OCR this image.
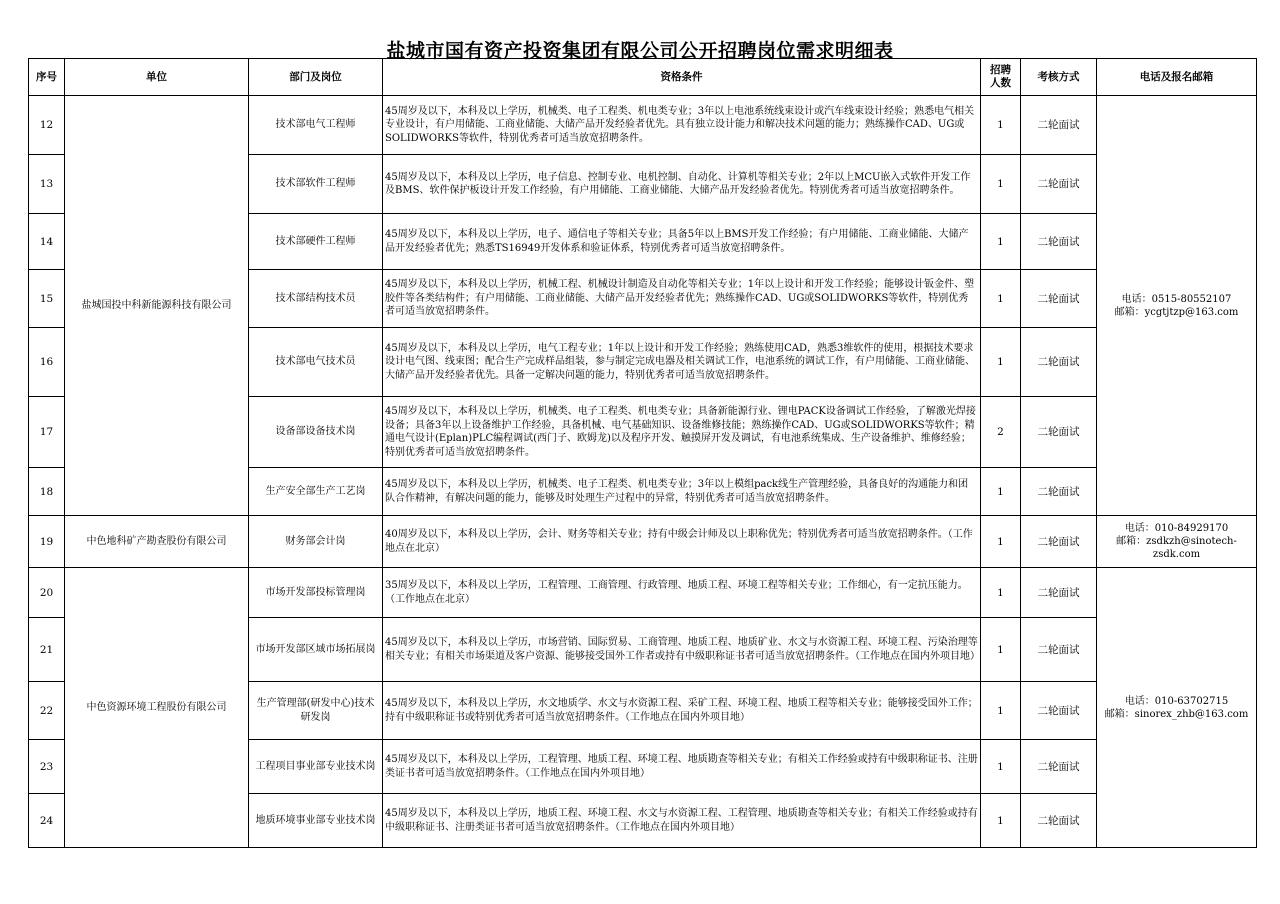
盐城市国有资产投资集团有限公司公开招聘岗位需求明细表
序号	单位	部门及岗位	资格条件	招聘人数	考核方式	电话及报名邮箱
12	盐城国投中科新能源科技有限公司	技术部电气工程师	45周岁及以下，本科及以上学历，机械类、电子工程类、机电类专业；3年以上电池系统线束设计或汽车线束设计经验；熟悉电气相关专业设计，有户用储能、工商业储能、大储产品开发经验者优先。具有独立设计能力和解决技术问题的能力；熟练操作CAD、UG或SOLIDWORKS等软件，特别优秀者可适当放宽招聘条件。	1	二轮面试	电话：0515-80552107
邮箱：ycgtjtzp@163.com

13		技术部软件工程师	45周岁及以下，本科及以上学历，电子信息、控制专业、电机控制、自动化、计算机等相关专业；2年以上MCU嵌入式软件开发工作及BMS、软件保护板设计开发工作经验，有户用储能、工商业储能、大储产品开发经验者优先。特别优秀者可适当放宽招聘条件。	1	二轮面试	
14		技术部硬件工程师	45周岁及以下，本科及以上学历，电子、通信电子等相关专业；具备5年以上BMS开发工作经验；有户用储能、工商业储能、大储产品开发经验者优先；熟悉TS16949开发体系和验证体系，特别优秀者可适当放宽招聘条件。	1	二轮面试	
15		技术部结构技术员	45周岁及以下，本科及以上学历，机械工程、机械设计制造及自动化等相关专业；1年以上设计和开发工作经验；能够设计钣金件、塑胶件等各类结构件；有户用储能、工商业储能、大储产品开发经验者优先；熟练操作CAD、UG或SOLIDWORKS等软件，特别优秀者可适当放宽招聘条件。	1	二轮面试	
16		技术部电气技术员	45周岁及以下，本科及以上学历，电气工程专业；1年以上设计和开发工作经验；熟练使用CAD，熟悉3维软件的使用，根据技术要求设计电气图、线束图；配合生产完成样品组装，参与制定完成电器及相关调试工作，电池系统的调试工作，有户用储能、工商业储能、大储产品开发经验者优先。具备一定解决问题的能力，特别优秀者可适当放宽招聘条件。	1	二轮面试	
17		设备部设备技术岗	45周岁及以下，本科及以上学历，机械类、电子工程类、机电类专业；具备新能源行业、锂电PACK设备调试工作经验，了解激光焊接设备；具备3年以上设备维护工作经验，具备机械、电气基础知识、设备维修技能；熟练操作CAD、UG或SOLIDWORKS等软件；精通电气设计(Eplan)PLC编程调试(西门子、欧姆龙)以及程序开发、触摸屏开发及调试，有电池系统集成、生产设备维护、维修经验；特别优秀者可适当放宽招聘条件。	2	二轮面试	
18		生产安全部生产工艺岗	45周岁及以下，本科及以上学历，机械类、电子工程类、机电类专业；3年以上模组pack线生产管理经验，具备良好的沟通能力和团队合作精神，有解决问题的能力，能够及时处理生产过程中的异常，特别优秀者可适当放宽招聘条件。	1	二轮面试	
19	中色地科矿产勘查股份有限公司	财务部会计岗	40周岁及以下，本科及以上学历，会计、财务等相关专业；持有中级会计师及以上职称优先；特别优秀者可适当放宽招聘条件。（工作地点在北京）	1	二轮面试	电话：010-84929170
邮箱：zsdkzh@sinotech-zsdk.com

20	中色资源环境工程股份有限公司	市场开发部投标管理岗	35周岁及以下，本科及以上学历，工程管理、工商管理、行政管理、地质工程、环境工程等相关专业；工作细心，有一定抗压能力。（工作地点在北京）	1	二轮面试	电话：010-63702715
邮箱：sinorex_zhb@163.com

21		市场开发部区域市场拓展岗	45周岁及以下，本科及以上学历，市场营销、国际贸易、工商管理、地质工程、地质矿业、水文与水资源工程、环境工程、污染治理等相关专业；有相关市场渠道及客户资源、能够接受国外工作者或持有中级职称证书者可适当放宽招聘条件。（工作地点在国内外项目地）	1	二轮面试	
22		生产管理部(研发中心)技术研发岗	45周岁及以下，本科及以上学历，水文地质学、水文与水资源工程、采矿工程、环境工程、地质工程等相关专业；能够接受国外工作；持有中级职称证书或特别优秀者可适当放宽招聘条件。（工作地点在国内外项目地）	1	二轮面试	
23		工程项目事业部专业技术岗	45周岁及以下，本科及以上学历，工程管理、地质工程、环境工程、地质勘查等相关专业；有相关工作经验或持有中级职称证书、注册类证书者可适当放宽招聘条件。（工作地点在国内外项目地）	1	二轮面试	
24		地质环境事业部专业技术岗	45周岁及以下，本科及以上学历，地质工程、环境工程、水文与水资源工程、工程管理、地质勘查等相关专业；有相关工作经验或持有中级职称证书、注册类证书者可适当放宽招聘条件。（工作地点在国内外项目地）	1	二轮面试	
